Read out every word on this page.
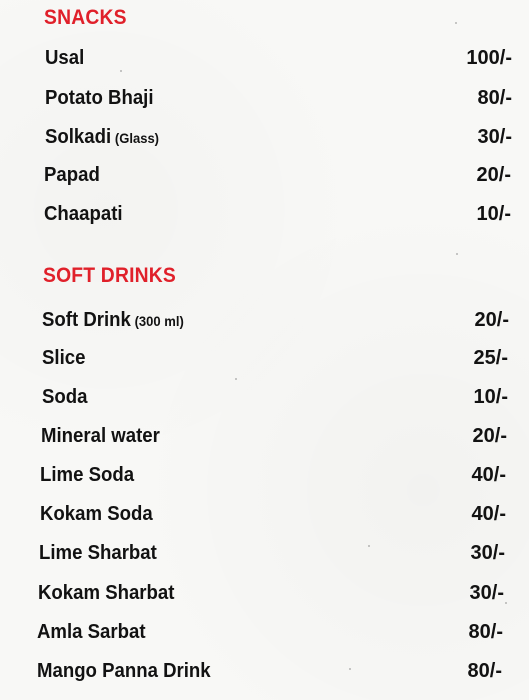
SNACKS
Usal	100/-
Potato Bhaji	80/-
Solkadi (Glass)	30/-
Papad	20/-
Chaapati	10/-
SOFT DRINKS
Soft Drink (300 ml)	20/-
Slice	25/-
Soda	10/-
Mineral water	20/-
Lime Soda	40/-
Kokam Soda	40/-
Lime Sharbat	30/-
Kokam Sharbat	30/-
Amla Sarbat	80/-
Mango Panna Drink	80/-
